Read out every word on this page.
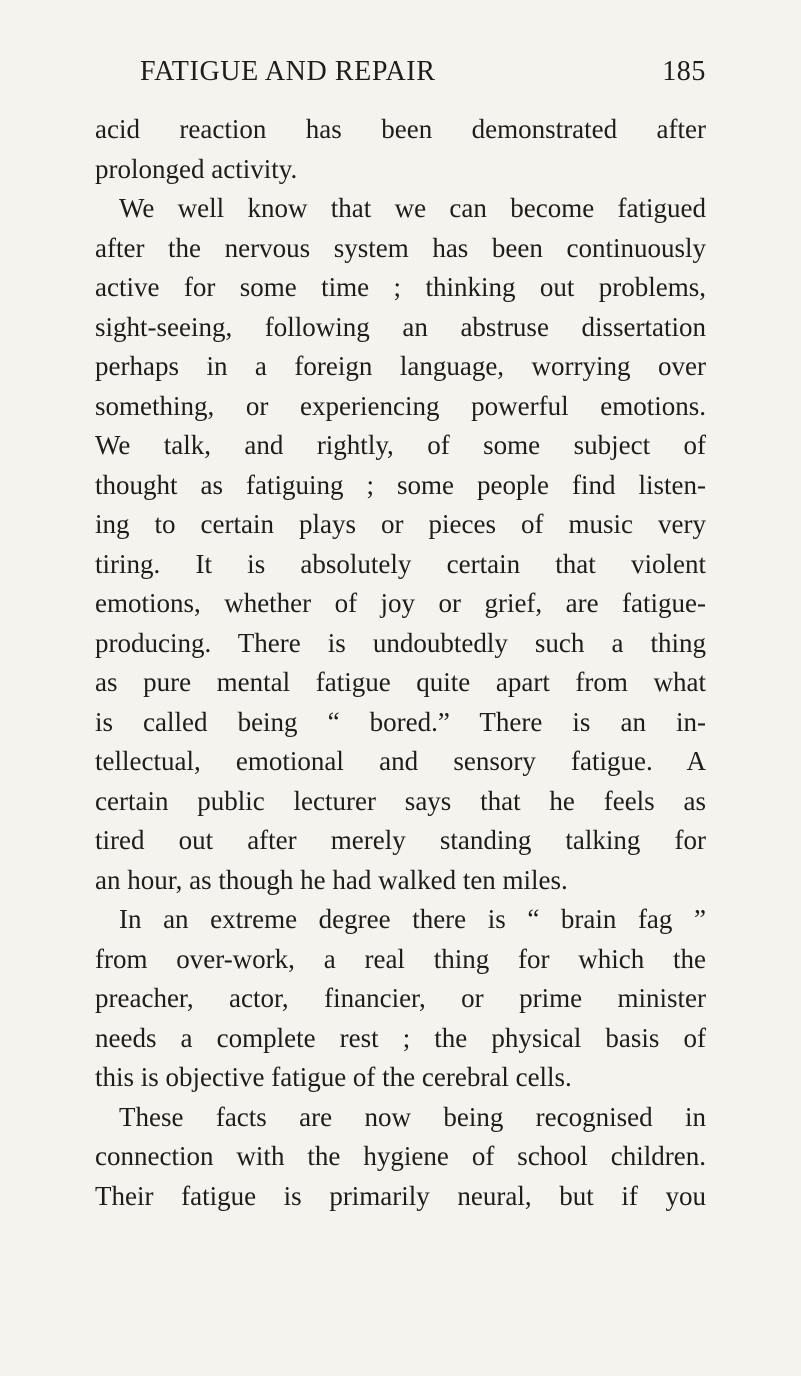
FATIGUE AND REPAIR	185
acid reaction has been demonstrated after
prolonged activity.
We well know that we can become fatigued
after the nervous system has been continuously
active for some time ; thinking out problems,
sight-seeing, following an abstruse dissertation
perhaps in a foreign language, worrying over
something, or experiencing powerful emotions.
We talk, and rightly, of some subject of
thought as fatiguing ; some people find listen-
ing to certain plays or pieces of music very
tiring. It is absolutely certain that violent
emotions, whether of joy or grief, are fatigue-
producing. There is undoubtedly such a thing
as pure mental fatigue quite apart from what
is called being “ bored.” There is an in-
tellectual, emotional and sensory fatigue. A
certain public lecturer says that he feels as
tired out after merely standing talking for
an hour, as though he had walked ten miles.
In an extreme degree there is “ brain fag ”
from over-work, a real thing for which the
preacher, actor, financier, or prime minister
needs a complete rest ; the physical basis of
this is objective fatigue of the cerebral cells.
These facts are now being recognised in
connection with the hygiene of school children.
Their fatigue is primarily neural, but if you
